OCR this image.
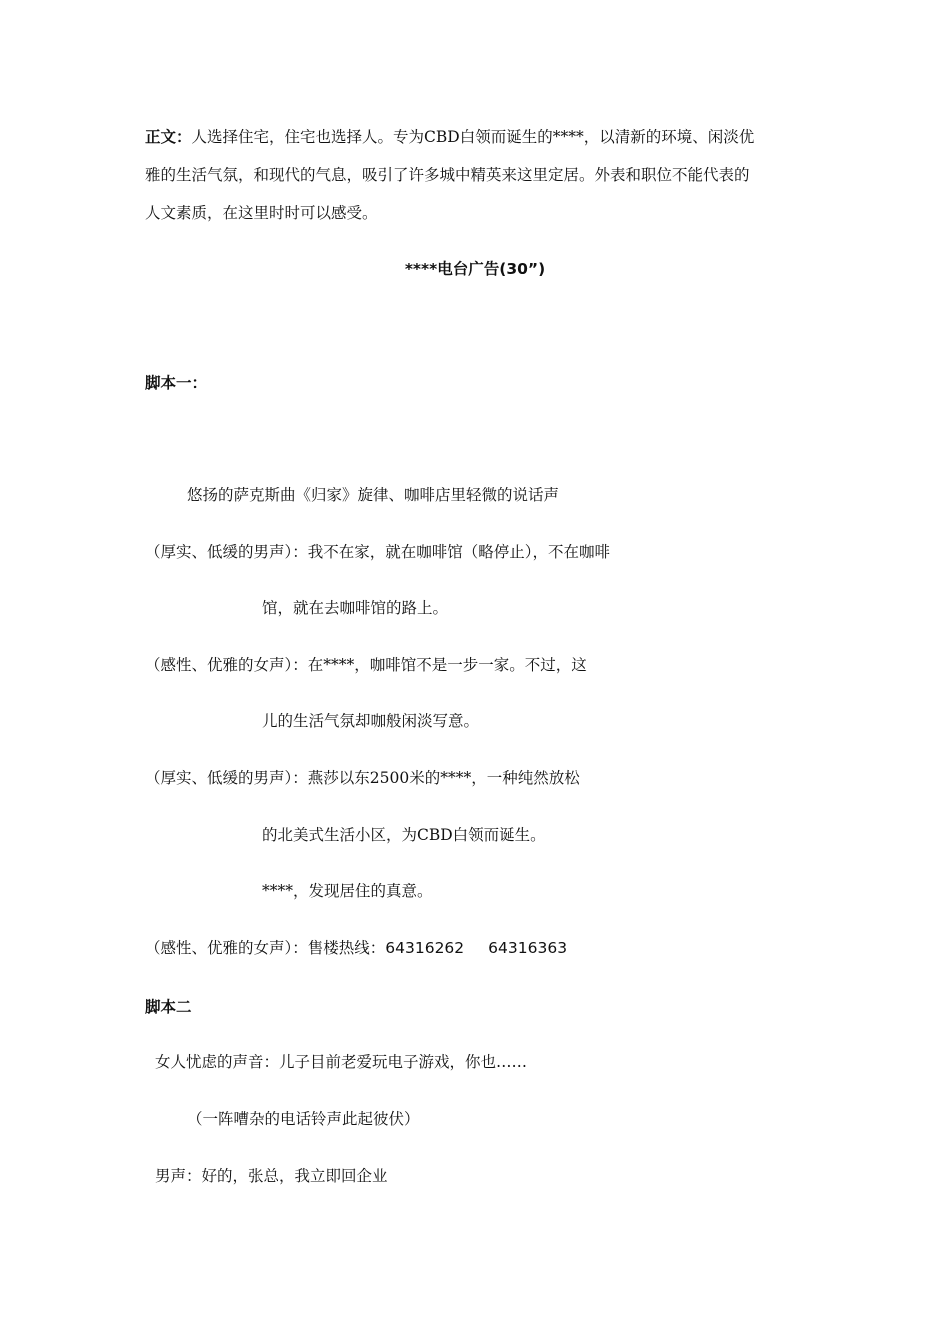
正文：人选择住宅，住宅也选择人。专为CBD白领而诞生的****，以清新的环境、闲淡优
雅的生活气氛，和现代的气息，吸引了许多城中精英来这里定居。外表和职位不能代表的
人文素质，在这里时时可以感受。
****电台广告(30”)
脚本一：
悠扬的萨克斯曲《归家》旋律、咖啡店里轻微的说话声
（厚实、低缓的男声）：我不在家，就在咖啡馆（略停止），不在咖啡
馆，就在去咖啡馆的路上。
（感性、优雅的女声）：在****，咖啡馆不是一步一家。不过，这
儿的生活气氛却咖般闲淡写意。
（厚实、低缓的男声）：燕莎以东2500米的****，一种纯然放松
的北美式生活小区，为CBD白领而诞生。
****，发现居住的真意。
（感性、优雅的女声）：售楼热线：64316262 64316363
脚本二
女人忧虑的声音：儿子目前老爱玩电子游戏，你也……
（一阵嘈杂的电话铃声此起彼伏）
男声：好的，张总，我立即回企业
